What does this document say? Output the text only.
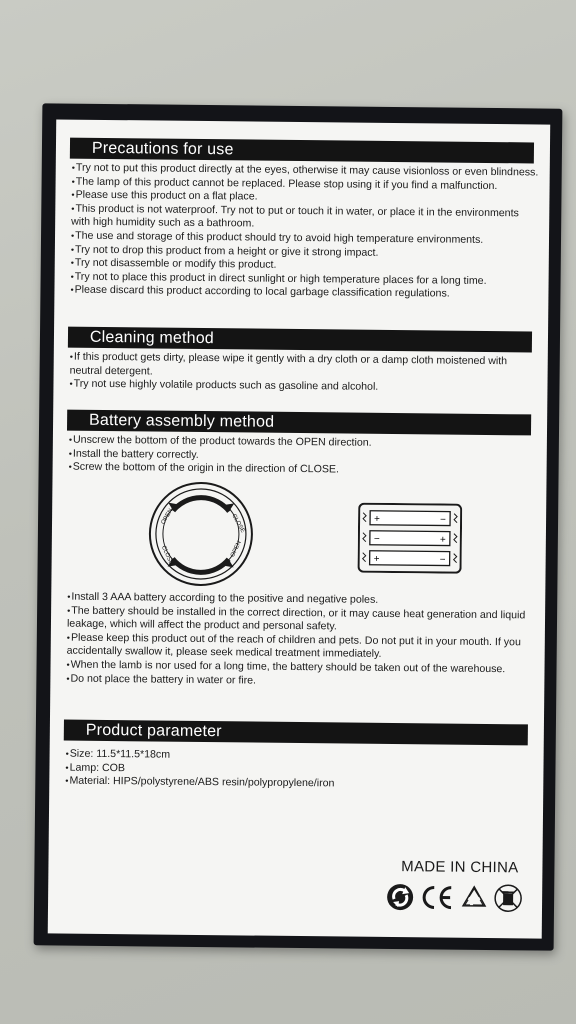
Precautions for use

• Try not to put this product directly at the eyes, otherwise it may cause visionloss or even blindness.

• The lamp of this product cannot be replaced. Please stop using it if you find a malfunction.

• Please use this product on a flat place.

• This product is not waterproof. Try not to put or touch it in water, or place it in the environments with high humidity such as a bathroom.

• The use and storage of this product should try to avoid high temperature environments.

• Try not to drop this product from a height or give it strong impact.

• Try not disassemble or modify this product.

• Try not to place this product in direct sunlight or high temperature places for a long time.

• Please discard this product according to local garbage classification regulations.

Cleaning method

• If this product gets dirty, please wipe it gently with a dry cloth or a damp cloth moistened with neutral detergent.

• Try not use highly volatile products such as gasoline and alcohol.

Battery assembly method

• Unscrew the bottom of the product towards the OPEN direction.

• Install the battery correctly.

• Screw the bottom of the origin in the direction of CLOSE.

OPEN	CLOSE
CLOSE	OPEN
+	−
−	+
+	−

• Install 3 AAA battery according to the positive and negative poles.

• The battery should be installed in the correct direction, or it may cause heat generation and liquid leakage, which will affect the product and personal safety.

• Please keep this product out of the reach of children and pets. Do not put it in your mouth. If you accidentally swallow it, please seek medical treatment immediately.

• When the lamb is nor used for a long time, the battery should be taken out of the warehouse.

• Do not place the battery in water or fire.

Product parameter

• Size: 11.5*11.5*18cm

• Lamp: COB

• Material: HIPS/polystyrene/ABS resin/polypropylene/iron

MADE IN CHINA
